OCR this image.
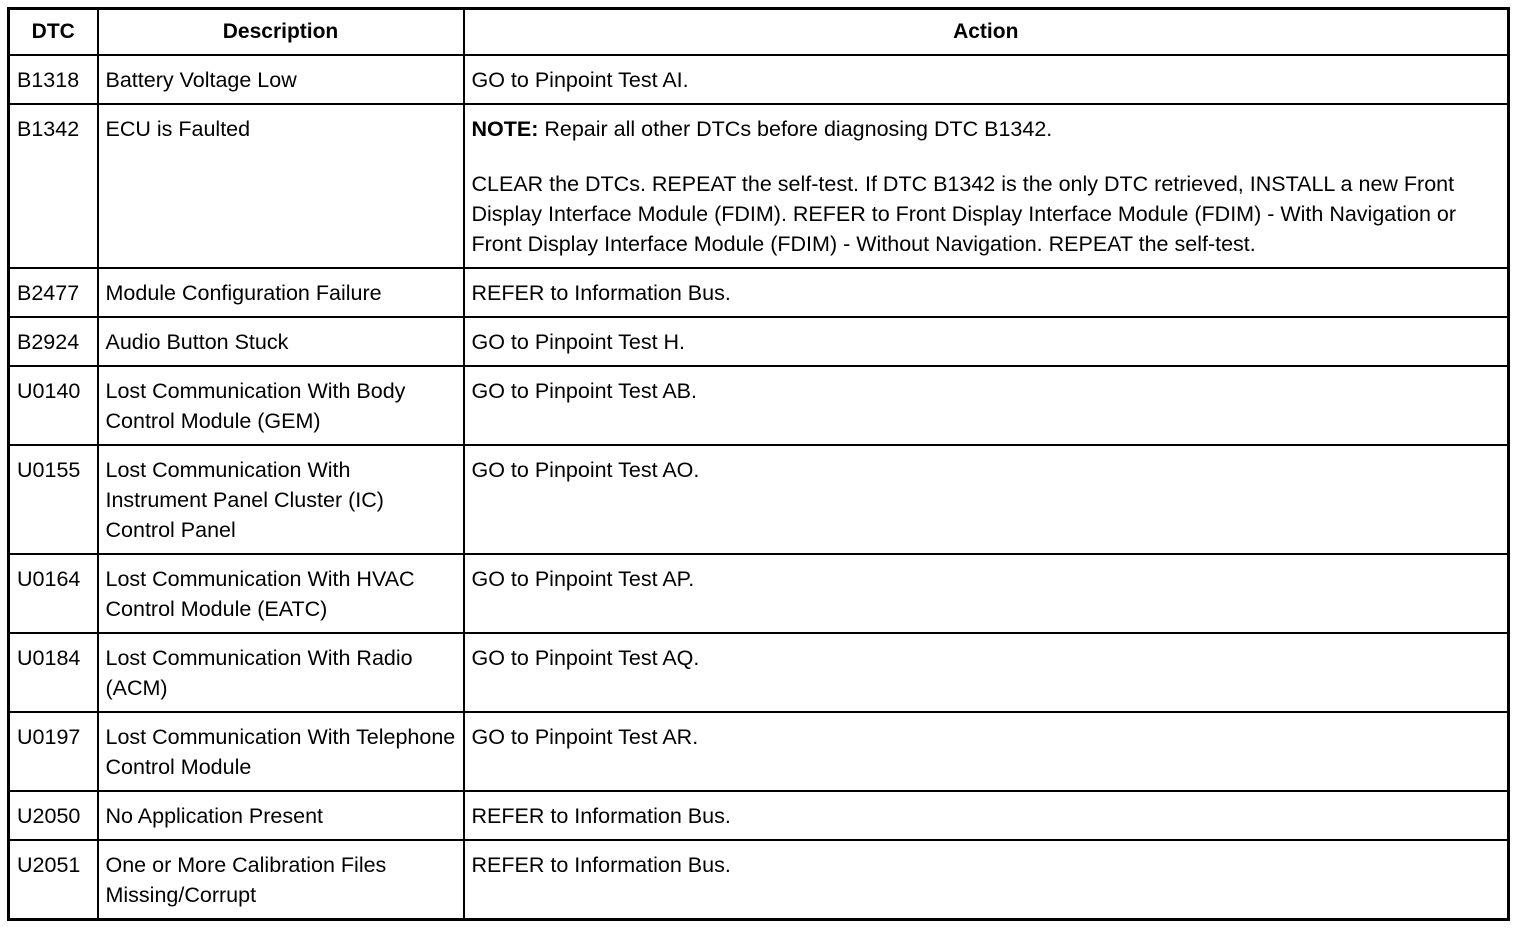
DTC	Description	Action
B1318	Battery Voltage Low	GO to Pinpoint Test AI.
B1342	ECU is Faulted	NOTE: Repair all other DTCs before diagnosing DTC B1342.
CLEAR the DTCs. REPEAT the self-test. If DTC B1342 is the only DTC retrieved, INSTALL a new Front Display Interface Module (FDIM). REFER to Front Display Interface Module (FDIM) - With Navigation or Front Display Interface Module (FDIM) - Without Navigation. REPEAT the self-test.

B2477	Module Configuration Failure	REFER to Information Bus.
B2924	Audio Button Stuck	GO to Pinpoint Test H.
U0140	Lost Communication With Body Control Module (GEM)	GO to Pinpoint Test AB.
U0155	Lost Communication With Instrument Panel Cluster (IC) Control Panel	GO to Pinpoint Test AO.
U0164	Lost Communication With HVAC Control Module (EATC)	GO to Pinpoint Test AP.
U0184	Lost Communication With Radio (ACM)	GO to Pinpoint Test AQ.
U0197	Lost Communication With Telephone Control Module	GO to Pinpoint Test AR.
U2050	No Application Present	REFER to Information Bus.
U2051	One or More Calibration Files Missing/Corrupt	REFER to Information Bus.
